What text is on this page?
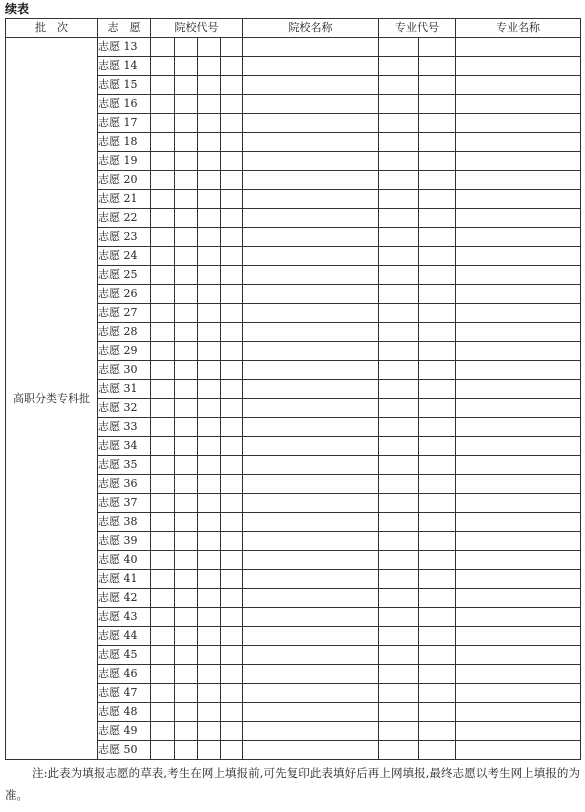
续表
批　次	志　愿	院校代号				院校名称	专业代号		专业名称
高职分类专科批	志愿 13								
	志愿 14								
	志愿 15								
	志愿 16								
	志愿 17								
	志愿 18								
	志愿 19								
	志愿 20								
	志愿 21								
	志愿 22								
	志愿 23								
	志愿 24								
	志愿 25								
	志愿 26								
	志愿 27								
	志愿 28								
	志愿 29								
	志愿 30								
	志愿 31								
	志愿 32								
	志愿 33								
	志愿 34								
	志愿 35								
	志愿 36								
	志愿 37								
	志愿 38								
	志愿 39								
	志愿 40								
	志愿 41								
	志愿 42								
	志愿 43								
	志愿 44								
	志愿 45								
	志愿 46								
	志愿 47								
	志愿 48								
	志愿 49								
	志愿 50								
注:此表为填报志愿的草表,考生在网上填报前,可先复印此表填好后再上网填报,最终志愿以考生网上填报的为准。
